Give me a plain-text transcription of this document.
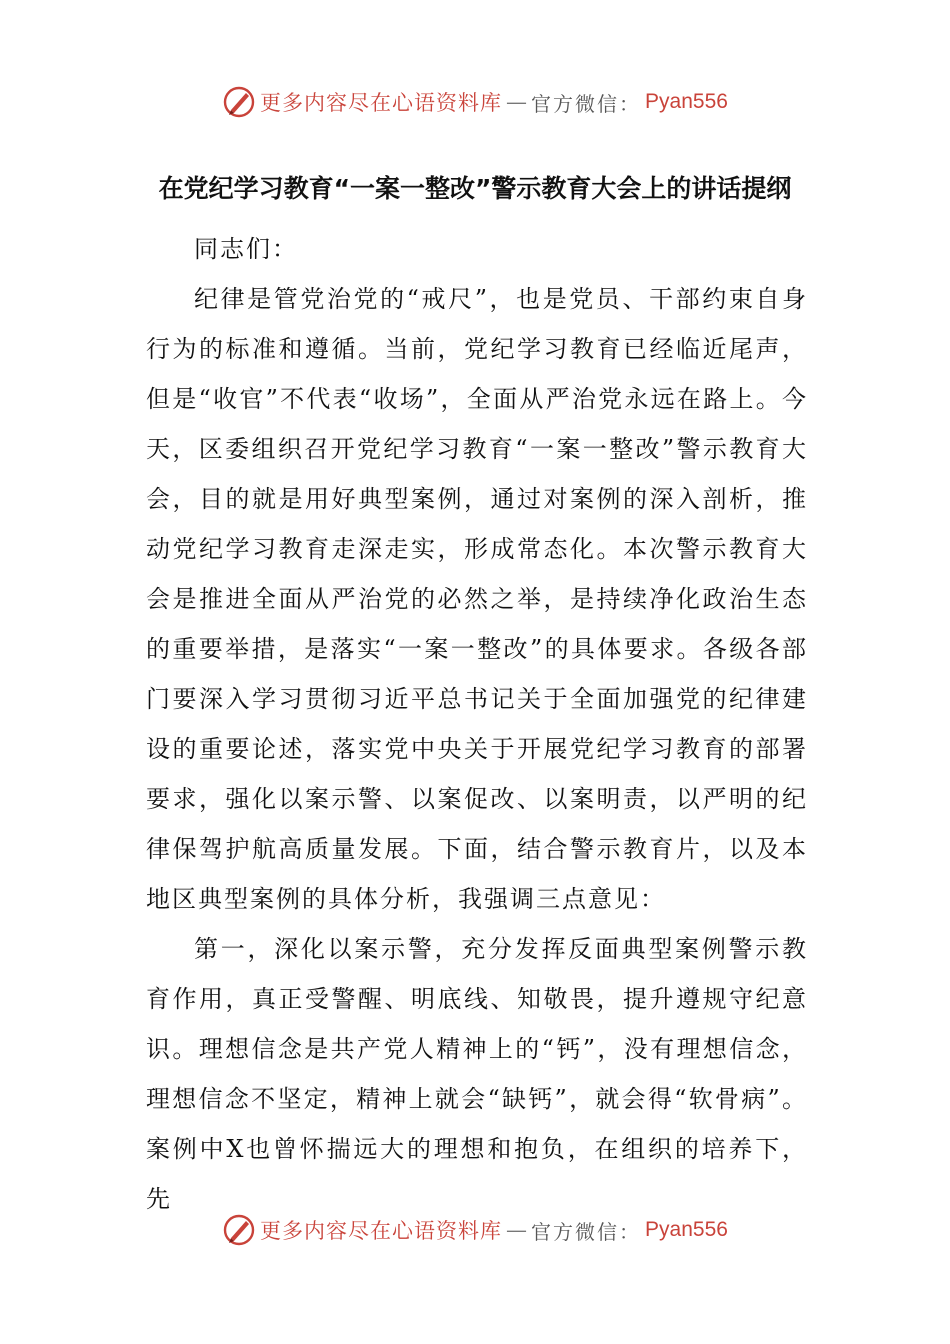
更多内容尽在心语资料库 — 官方微信： Pyan556
在党纪学习教育“一案一整改”警示教育大会上的讲话提纲

同志们：

纪律是管党治党的“戒尺”，也是党员、干部约束自身行为的标准和遵循。当前，党纪学习教育已经临近尾声，但是“收官”不代表“收场”，全面从严治党永远在路上。今天，区委组织召开党纪学习教育“一案一整改”警示教育大会，目的就是用好典型案例，通过对案例的深入剖析，推动党纪学习教育走深走实，形成常态化。本次警示教育大会是推进全面从严治党的必然之举，是持续净化政治生态的重要举措，是落实“一案一整改”的具体要求。各级各部门要深入学习贯彻习近平总书记关于全面加强党的纪律建设的重要论述，落实党中央关于开展党纪学习教育的部署要求，强化以案示警、以案促改、以案明责，以严明的纪律保驾护航高质量发展。下面，结合警示教育片，以及本地区典型案例的具体分析，我强调三点意见：

第一，深化以案示警，充分发挥反面典型案例警示教育作用，真正受警醒、明底线、知敬畏，提升遵规守纪意识。理想信念是共产党人精神上的“钙”，没有理想信念，理想信念不坚定，精神上就会“缺钙”，就会得“软骨病”。案例中X也曾怀揣远大的理想和抱负，在组织的培养下，先

更多内容尽在心语资料库 — 官方微信： Pyan556
